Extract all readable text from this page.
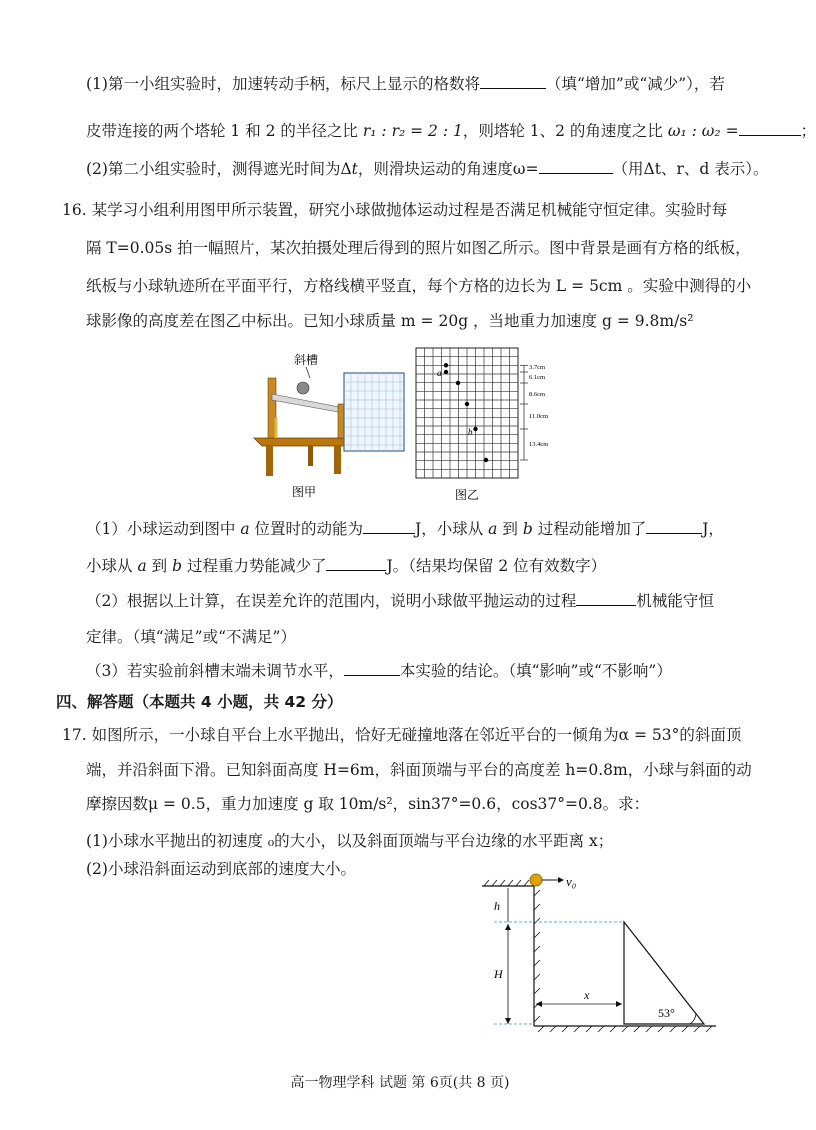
(1)第一小组实验时，加速转动手柄，标尺上显示的格数将	（填“增加”或“减少”），若
皮带连接的两个塔轮 1 和 2 的半径之比 r₁ : r₂ = 2 : 1，则塔轮 1、2 的角速度之比 ω₁ : ω₂ =	；
(2)第二小组实验时，测得遮光时间为Δt，则滑块运动的角速度ω=	（用Δt、r、d 表示）。
16. 某学习小组利用图甲所示装置，研究小球做抛体运动过程是否满足机械能守恒定律。实验时每
隔 T=0.05s 拍一幅照片，某次拍摄处理后得到的照片如图乙所示。图中背景是画有方格的纸板，
纸板与小球轨迹所在平面平行，方格线横平竖直，每个方格的边长为 L = 5cm 。实验中测得的小
球影像的高度差在图乙中标出。已知小球质量 m = 20g ，当地重力加速度 g = 9.8m/s²
斜槽
图甲
a
b
3.7cm
6.1cm
8.6cm
11.0cm
13.4cm
图乙
（1）小球运动到图中 a 位置时的动能为	J，小球从 a 到 b 过程动能增加了	J，
小球从 a 到 b 过程重力势能减少了	J。（结果均保留 2 位有效数字）
（2）根据以上计算，在误差允许的范围内，说明小球做平抛运动的过程	机械能守恒
定律。（填“满足”或“不满足”）
（3）若实验前斜槽末端未调节水平，	本实验的结论。（填“影响”或“不影响”）
四、解答题（本题共 4 小题，共 42 分）
17. 如图所示，一小球自平台上水平抛出，恰好无碰撞地落在邻近平台的一倾角为α = 53°的斜面顶
端，并沿斜面下滑。已知斜面高度 H=6m，斜面顶端与平台的高度差 h=0.8m，小球与斜面的动
摩擦因数μ = 0.5，重力加速度 g 取 10m/s²，sin37°=0.6，cos37°=0.8。求：
(1)小球水平抛出的初速度 ₀的大小，以及斜面顶端与平台边缘的水平距离 x；
(2)小球沿斜面运动到底部的速度大小。
v₀
h
H
x
53°
高一物理学科 试题 第 6页(共 8 页)
